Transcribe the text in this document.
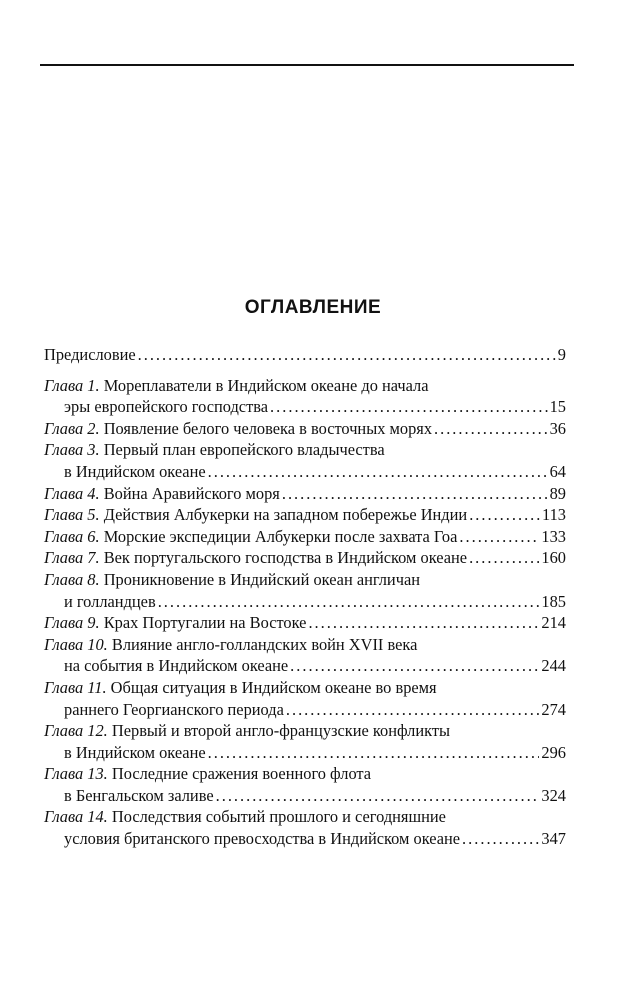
ОГЛАВЛЕНИЕ
Предисловие .....	9
Глава 1. Мореплаватели в Индийском океане до начала
эры европейского господства .....	15
Глава 2. Появление белого человека в восточных морях .....	36
Глава 3. Первый план европейского владычества
в Индийском океане .....	64
Глава 4. Война Аравийского моря .....	89
Глава 5. Действия Албукерки на западном побережье Индии .....	113
Глава 6. Морские экспедиции Албукерки после захвата Гоа .....	133
Глава 7. Век португальского господства в Индийском океане .....	160
Глава 8. Проникновение в Индийский океан англичан
и голландцев .....	185
Глава 9. Крах Португалии на Востоке .....	214
Глава 10. Влияние англо-голландских войн XVII века
на события в Индийском океане .....	244
Глава 11. Общая ситуация в Индийском океане во время
раннего Георгианского периода .....	274
Глава 12. Первый и второй англо-французские конфликты
в Индийском океане .....	296
Глава 13. Последние сражения военного флота
в Бенгальском заливе .....	324
Глава 14. Последствия событий прошлого и сегодняшние
условия британского превосходства в Индийском океане .....	347
